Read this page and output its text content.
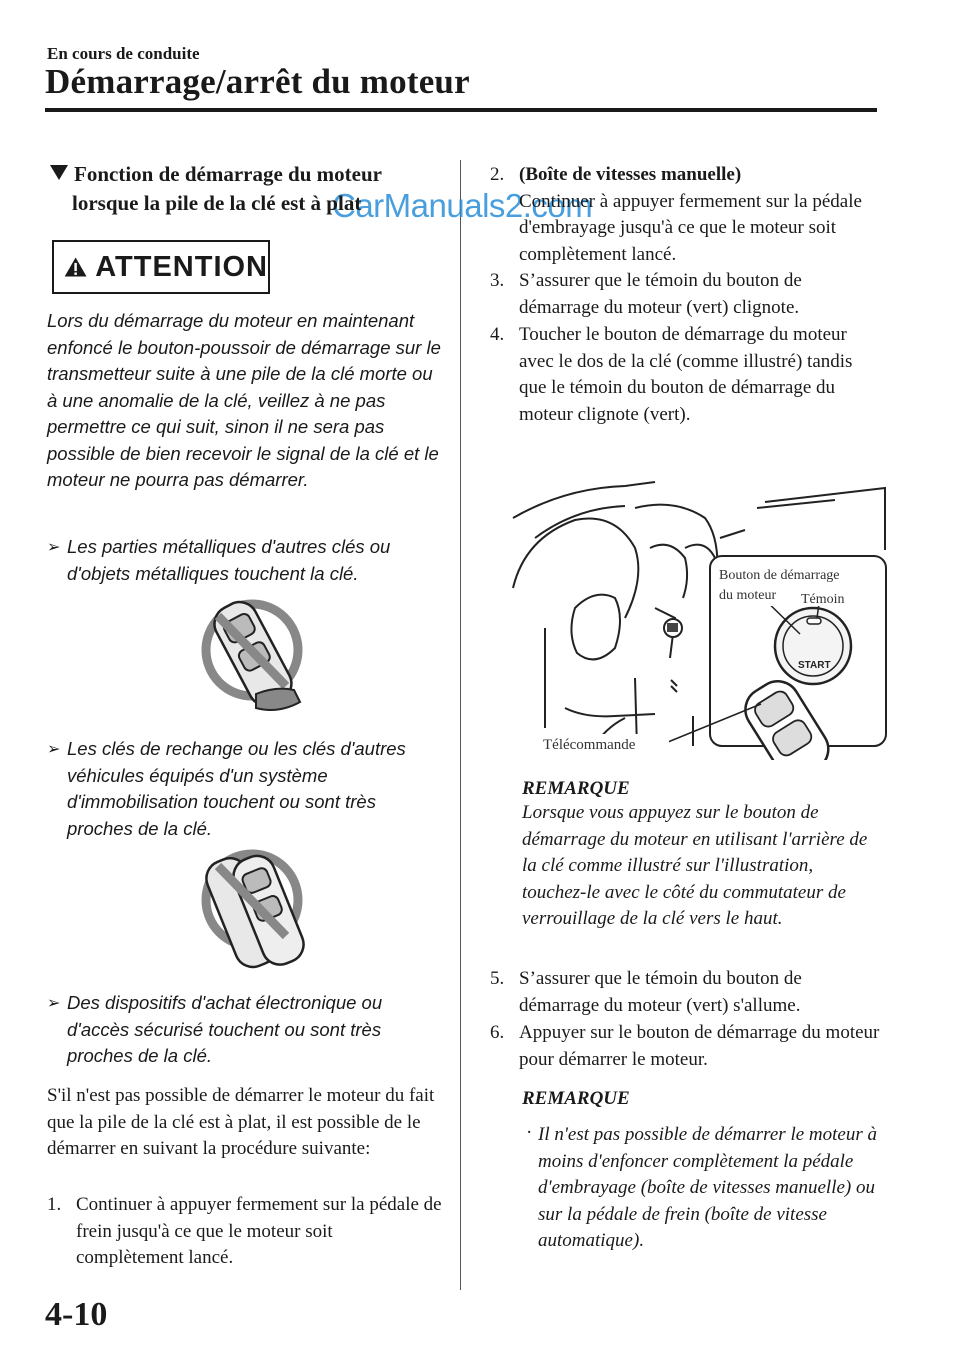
En cours de conduite
Démarrage/arrêt du moteur
CarManuals2.com
Fonction de démarrage du moteur
lorsque la pile de la clé est à plat
ATTENTION
Lors du démarrage du moteur en maintenant enfoncé le bouton-poussoir de démarrage sur le transmetteur suite à une pile de la clé morte ou à une anomalie de la clé, veillez à ne pas permettre ce qui suit, sinon il ne sera pas possible de bien recevoir le signal de la clé et le moteur ne pourra pas démarrer.
➢ Les parties métalliques d'autres clés ou d'objets métalliques touchent la clé.
➢ Les clés de rechange ou les clés d'autres véhicules équipés d'un système d'immobilisation touchent ou sont très proches de la clé.
➢ Des dispositifs d'achat électronique ou d'accès sécurisé touchent ou sont très proches de la clé.
S'il n'est pas possible de démarrer le moteur du fait que la pile de la clé est à plat, il est possible de le démarrer en suivant la procédure suivante:
1. Continuer à appuyer fermement sur la pédale de frein jusqu'à ce que le moteur soit complètement lancé.
2. (Boîte de vitesses manuelle)
Continuer à appuyer fermement sur la pédale d'embrayage jusqu'à ce que le moteur soit complètement lancé.
3. S’assurer que le témoin du bouton de démarrage du moteur (vert) clignote.
4. Toucher le bouton de démarrage du moteur avec le dos de la clé (comme illustré) tandis que le témoin du bouton de démarrage du moteur clignote (vert).
START
Bouton de démarrage
du moteur Témoin
Télécommande
REMARQUE
Lorsque vous appuyez sur le bouton de démarrage du moteur en utilisant l'arrière de la clé comme illustré sur l'illustration, touchez-le avec le côté du commutateur de verrouillage de la clé vers le haut.
5. S’assurer que le témoin du bouton de démarrage du moteur (vert) s'allume.
6. Appuyer sur le bouton de démarrage du moteur pour démarrer le moteur.
REMARQUE
· Il n'est pas possible de démarrer le moteur à moins d'enfoncer complètement la pédale d'embrayage (boîte de vitesses manuelle) ou sur la pédale de frein (boîte de vitesse automatique).
4-10
